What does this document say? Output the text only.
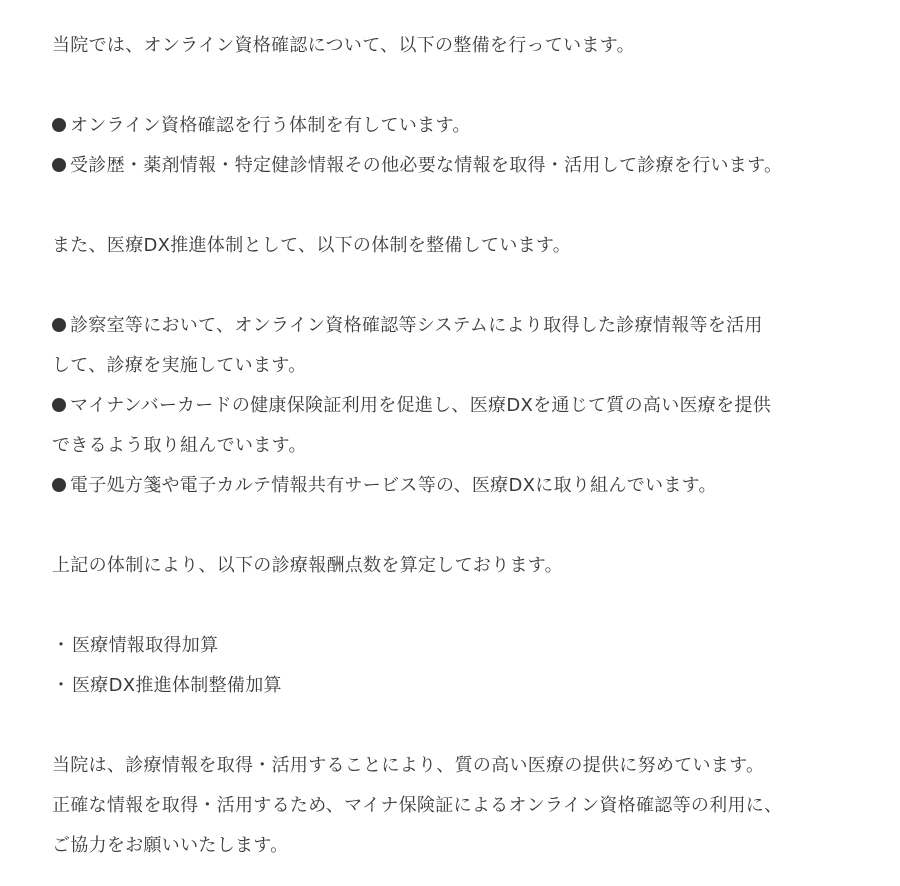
当院では、オンライン資格確認について、以下の整備を行っています。
オンライン資格確認を行う体制を有しています。
受診歴・薬剤情報・特定健診情報その他必要な情報を取得・活用して診療を行います。
また、医療DX推進体制として、以下の体制を整備しています。
診察室等において、オンライン資格確認等システムにより取得した診療情報等を活用
して、診療を実施しています。
マイナンバーカードの健康保険証利用を促進し、医療DXを通じて質の高い医療を提供
できるよう取り組んでいます。
電子処方箋や電子カルテ情報共有サービス等の、医療DXに取り組んでいます。
上記の体制により、以下の診療報酬点数を算定しております。
・医療情報取得加算
・医療DX推進体制整備加算
当院は、診療情報を取得・活用することにより、質の高い医療の提供に努めています。
正確な情報を取得・活用するため、マイナ保険証によるオンライン資格確認等の利用に、
ご協力をお願いいたします。
